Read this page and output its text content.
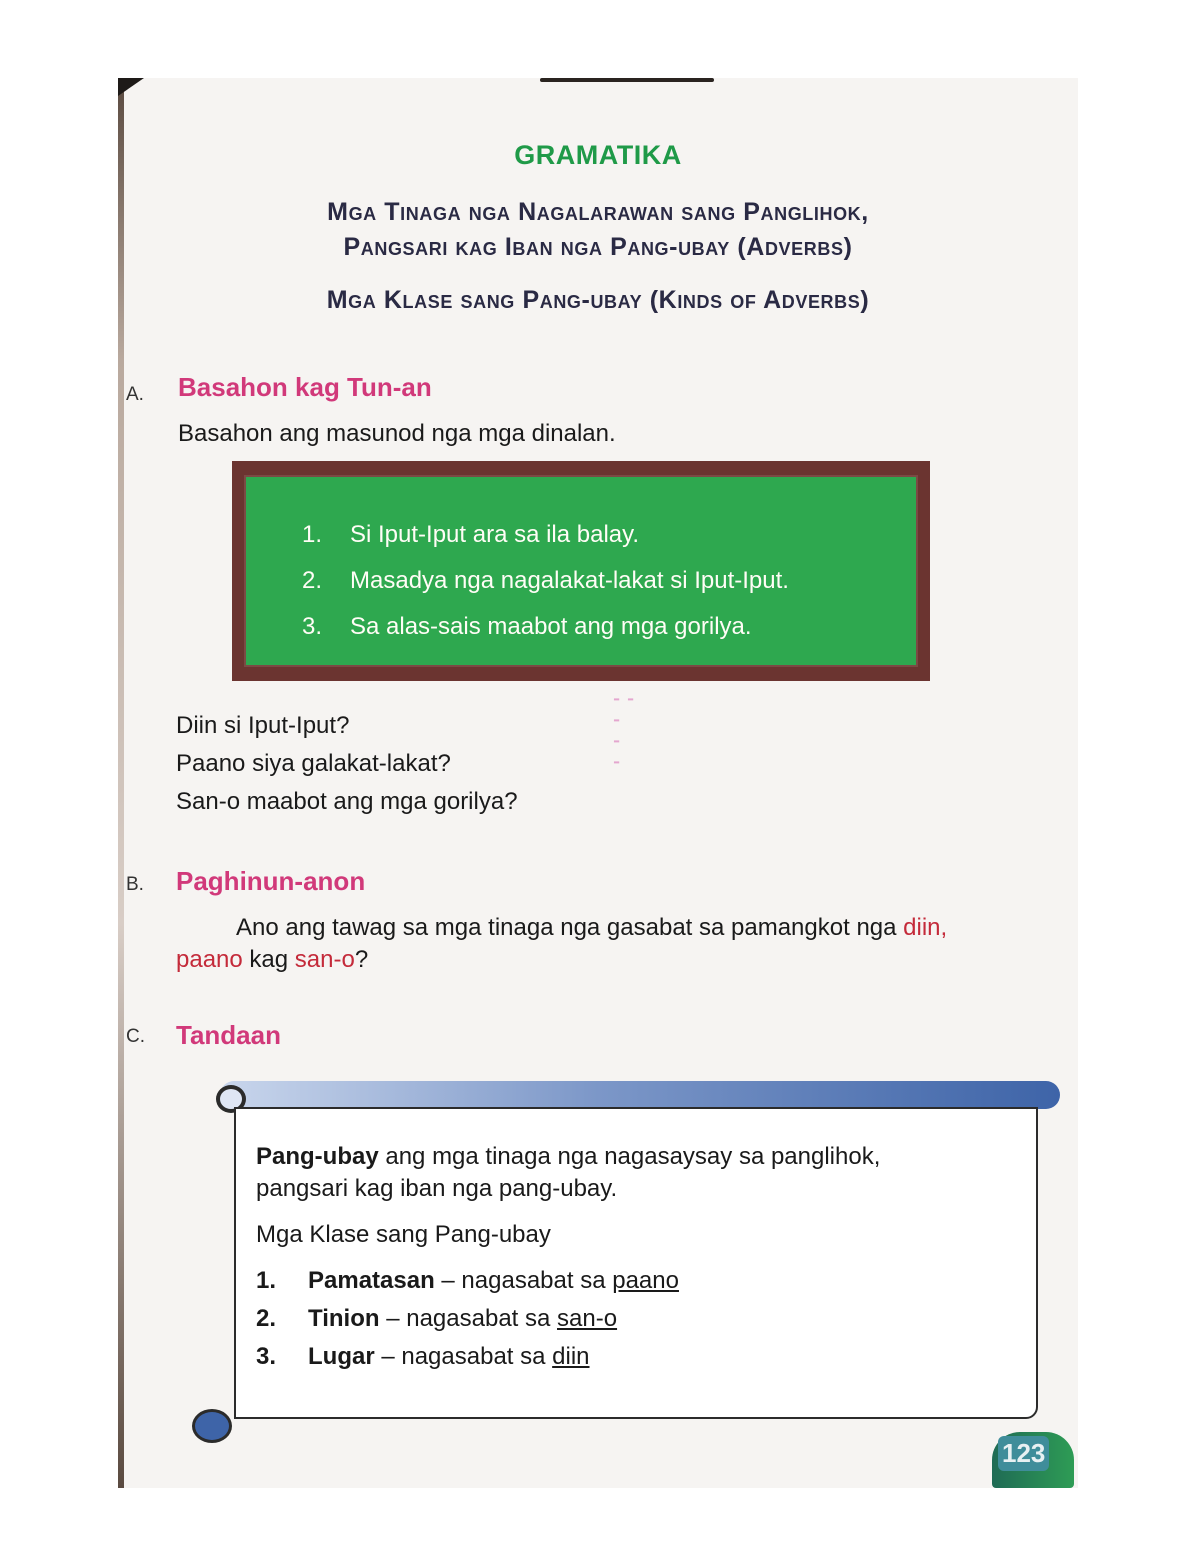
GRAMATIKA
Mga Tinaga nga Nagalarawan sang Panglihok,
Pangsari kag Iban nga Pang-ubay (Adverbs)
Mga Klase sang Pang-ubay (Kinds of Adverbs)
A. Basahon kag Tun-an
Basahon ang masunod nga mga dinalan.
1. Si Iput-Iput ara sa ila balay.
2. Masadya nga nagalakat-lakat si Iput-Iput.
3. Sa alas-sais maabot ang mga gorilya.
Diin si Iput-Iput?
Paano siya galakat-lakat?
San-o maabot ang mga gorilya?
⁃ ⁃
⁃
⁃
⁃
B. Paghinun-anon
Ano ang tawag sa mga tinaga nga gasabat sa pamangkot nga diin,
paano kag san-o?
C. Tandaan
Pang-ubay ang mga tinaga nga nagasaysay sa panglihok,
pangsari kag iban nga pang-ubay.
Mga Klase sang Pang-ubay
1. Pamatasan – nagasabat sa paano
2. Tinion – nagasabat sa san-o
3. Lugar – nagasabat sa diin
123
